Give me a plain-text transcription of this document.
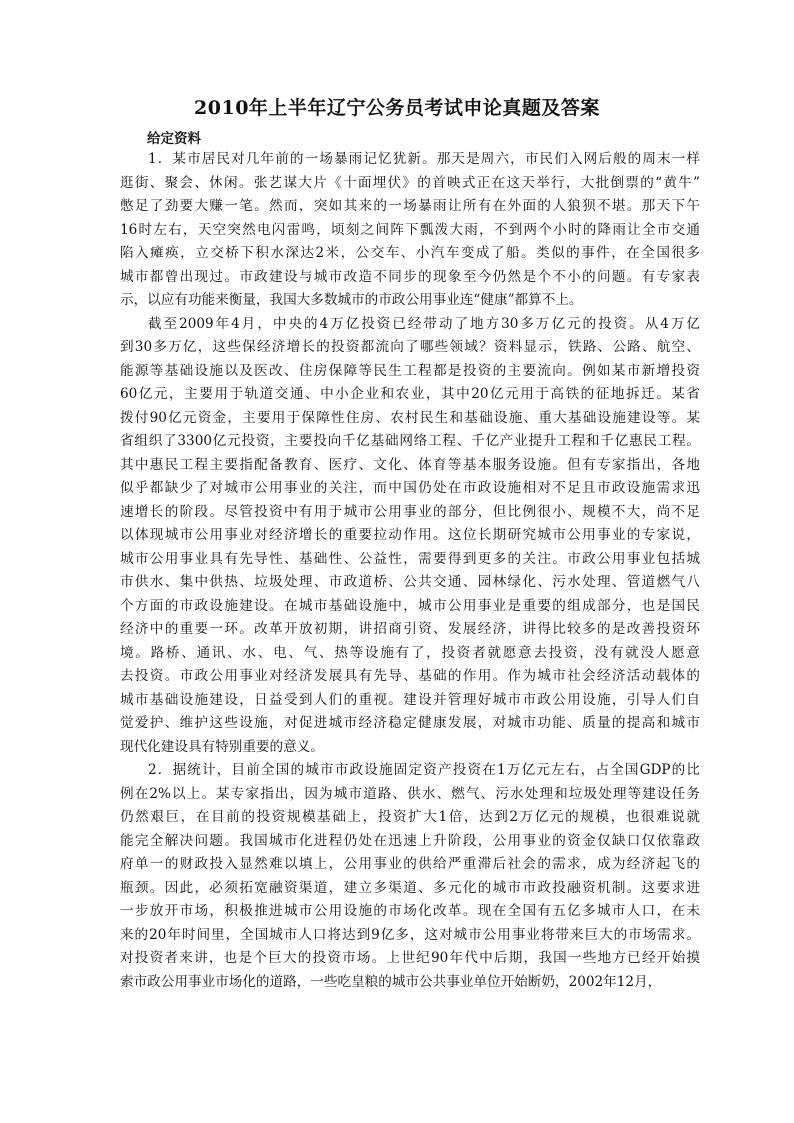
2010年上半年辽宁公务员考试申论真题及答案
给定资料
1．某市居民对几年前的一场暴雨记忆犹新。那天是周六，市民们入网后般的周末一样
逛街、聚会、休闲。张艺谋大片《十面埋伏》的首映式正在这天举行，大批倒票的“黄牛”
憋足了劲要大赚一笔。然而，突如其来的一场暴雨让所有在外面的人狼狈不堪。那天下午
16时左右，天空突然电闪雷鸣，顷刻之间阵下瓢泼大雨，不到两个小时的降雨让全市交通
陷入瘫痪，立交桥下积水深达2米，公交车、小汽车变成了船。类似的事件，在全国很多
城市都曾出现过。市政建设与城市改造不同步的现象至今仍然是个不小的问题。有专家表
示，以应有功能来衡量，我国大多数城市的市政公用事业连“健康”都算不上。
截至2009年4月，中央的4万亿投资已经带动了地方30多万亿元的投资。从4万亿
到30多万亿，这些保经济增长的投资都流向了哪些领域？资料显示，铁路、公路、航空、
能源等基础设施以及医改、住房保障等民生工程都是投资的主要流向。例如某市新增投资
60亿元，主要用于轨道交通、中小企业和农业，其中20亿元用于高铁的征地拆迁。某省
拨付90亿元资金，主要用于保障性住房、农村民生和基础设施、重大基础设施建设等。某
省组织了3300亿元投资，主要投向千亿基础网络工程、千亿产业提升工程和千亿惠民工程。
其中惠民工程主要指配备教育、医疗、文化、体育等基本服务设施。但有专家指出，各地
似乎都缺少了对城市公用事业的关注，而中国仍处在市政设施相对不足且市政设施需求迅
速增长的阶段。尽管投资中有用于城市公用事业的部分，但比例很小、规模不大，尚不足
以体现城市公用事业对经济增长的重要拉动作用。这位长期研究城市公用事业的专家说，
城市公用事业具有先导性、基础性、公益性，需要得到更多的关注。市政公用事业包括城
市供水、集中供热、垃圾处理、市政道桥、公共交通、园林绿化、污水处理、管道燃气八
个方面的市政设施建设。在城市基础设施中，城市公用事业是重要的组成部分，也是国民
经济中的重要一环。改革开放初期，讲招商引资、发展经济，讲得比较多的是改善投资环
境。路桥、通讯、水、电、气、热等设施有了，投资者就愿意去投资，没有就没人愿意
去投资。市政公用事业对经济发展具有先导、基础的作用。作为城市社会经济活动载体的
城市基础设施建设，日益受到人们的重视。建设并管理好城市市政公用设施，引导人们自
觉爱护、维护这些设施，对促进城市经济稳定健康发展，对城市功能、质量的提高和城市
现代化建设具有特别重要的意义。
2．据统计，目前全国的城市市政设施固定资产投资在1万亿元左右，占全国GDP的比
例在2%以上。某专家指出，因为城市道路、供水、燃气、污水处理和垃圾处理等建设任务
仍然艰巨，在目前的投资规模基础上，投资扩大1倍，达到2万亿元的规模，也很难说就
能完全解决问题。我国城市化进程仍处在迅速上升阶段，公用事业的资金仅缺口仅依靠政
府单一的财政投入显然难以填上，公用事业的供给严重滞后社会的需求，成为经济起飞的
瓶颈。因此，必须拓宽融资渠道，建立多渠道、多元化的城市市政投融资机制。这要求进
一步放开市场，积极推进城市公用设施的市场化改革。现在全国有五亿多城市人口，在未
来的20年时间里，全国城市人口将达到9亿多，这对城市公用事业将带来巨大的市场需求。
对投资者来讲，也是个巨大的投资市场。上世纪90年代中后期，我国一些地方已经开始摸
索市政公用事业市场化的道路，一些吃皇粮的城市公共事业单位开始断奶，2002年12月，
